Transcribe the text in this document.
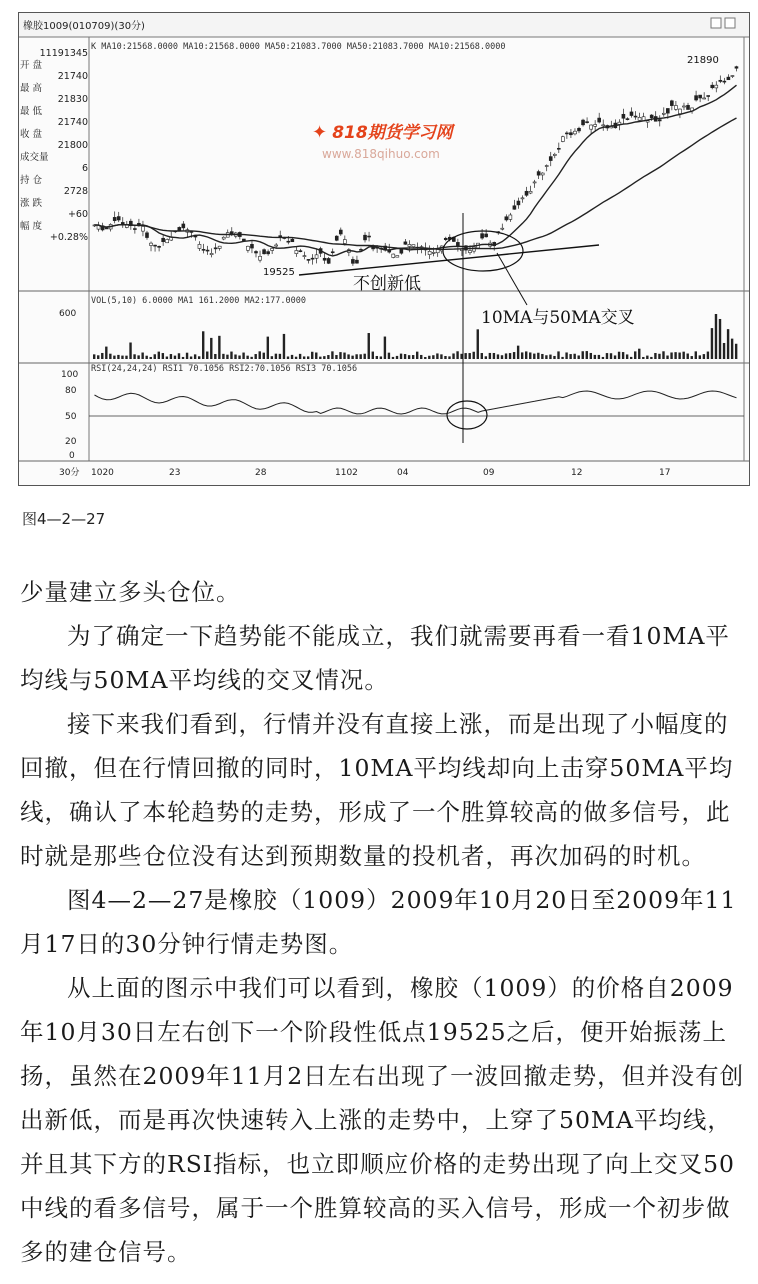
橡胶1009(010709)(30分)
K MA10:21568.0000 MA10:21568.0000 MA50:21083.7000 MA50:21083.7000 MA10:21568.0000
VOL(5,10) 6.0000 MA1 161.2000 MA2:177.0000
RSI(24,24,24) RSI1 70.1056 RSI2:70.1056 RSI3 70.1056
19525
21890
不创新低
10MA与50MA交叉
600
100
80
50
20
0
30分 1020	23	28	1102	04	09	12	17
11191345
开 盘
21740
最 高
21830
最 低
21740
收 盘
21800
成交量
6
持 仓
2728
涨 跌
+60
幅 度
+0.28%
✦ 818期货学习网
www.818qihuo.com
图4—2—27

少量建立多头仓位。

为了确定一下趋势能不能成立，我们就需要再看一看10MA平均线与50MA平均线的交叉情况。

接下来我们看到，行情并没有直接上涨，而是出现了小幅度的回撤，但在行情回撤的同时，10MA平均线却向上击穿50MA平均线，确认了本轮趋势的走势，形成了一个胜算较高的做多信号，此时就是那些仓位没有达到预期数量的投机者，再次加码的时机。

图4—2—27是橡胶（1009）2009年10月20日至2009年11月17日的30分钟行情走势图。

从上面的图示中我们可以看到，橡胶（1009）的价格自2009年10月30日左右创下一个阶段性低点19525之后，便开始振荡上扬，虽然在2009年11月2日左右出现了一波回撤走势，但并没有创出新低，而是再次快速转入上涨的走势中，上穿了50MA平均线，并且其下方的RSI指标，也立即顺应价格的走势出现了向上交叉50中线的看多信号，属于一个胜算较高的买入信号，形成一个初步做多的建仓信号。
